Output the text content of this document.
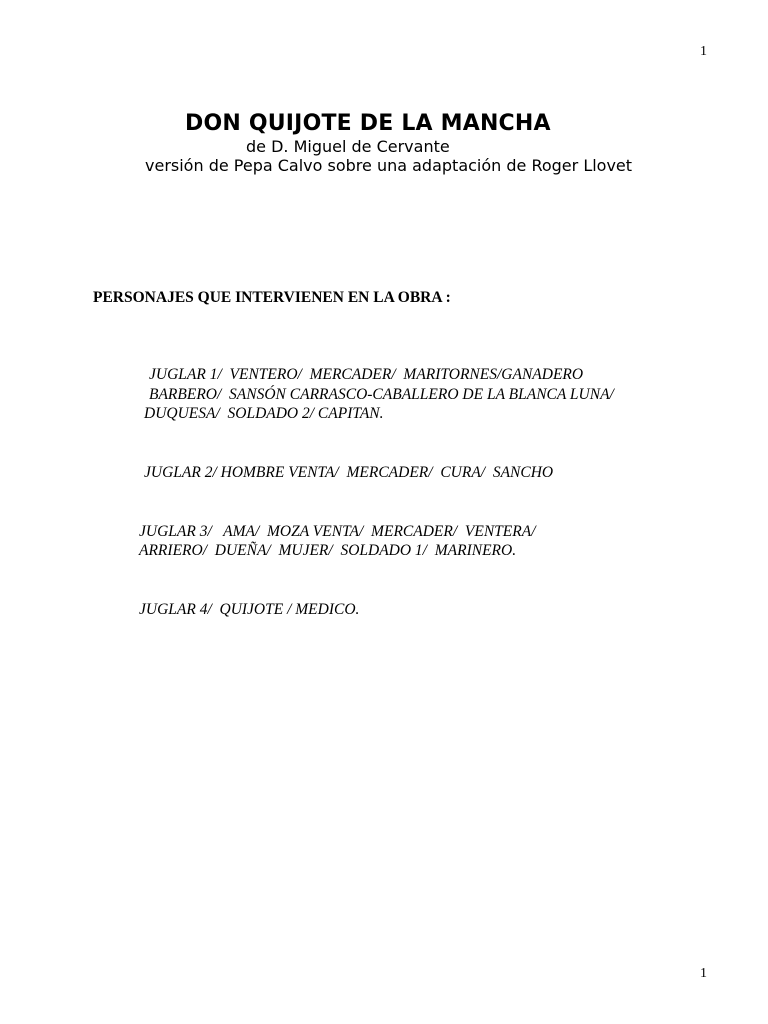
1
DON QUIJOTE DE LA MANCHA
de D. Miguel de Cervante
versión de Pepa Calvo sobre una adaptación de Roger Llovet
PERSONAJES QUE INTERVIENEN EN LA OBRA :
JUGLAR 1/  VENTERO/  MERCADER/  MARITORNES/GANADERO
BARBERO/  SANSÓN CARRASCO-CABALLERO DE LA BLANCA LUNA/
DUQUESA/  SOLDADO 2/ CAPITAN.
JUGLAR 2/ HOMBRE VENTA/  MERCADER/  CURA/  SANCHO
JUGLAR 3/   AMA/  MOZA VENTA/  MERCADER/  VENTERA/
ARRIERO/  DUEÑA/  MUJER/  SOLDADO 1/  MARINERO.
JUGLAR 4/  QUIJOTE / MEDICO.
1
